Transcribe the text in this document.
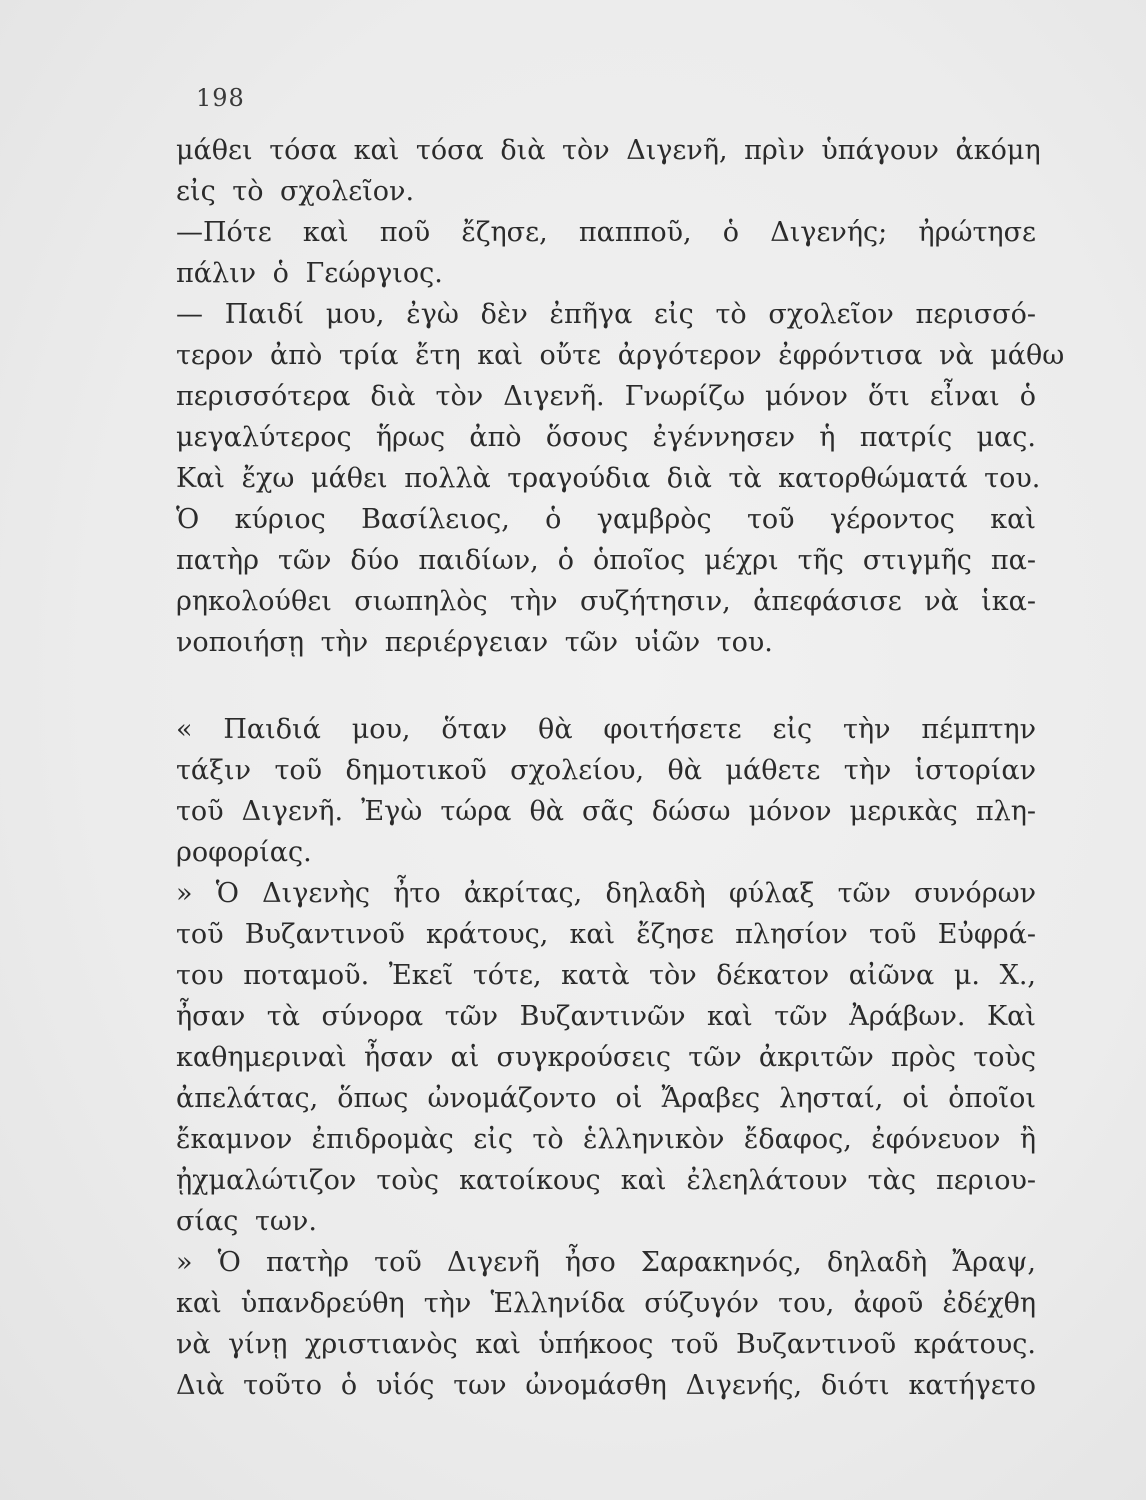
198
μάθει τόσα καὶ τόσα διὰ τὸν Διγενῆ, πρὶν ὑπάγουν ἀκόμη
εἰς τὸ σχολεῖον.
—Πότε καὶ ποῦ ἔζησε, παπποῦ, ὁ Διγενής; ἠρώτησε
πάλιν ὁ Γεώργιος.
— Παιδί μου, ἐγὼ δὲν ἐπῆγα εἰς τὸ σχολεῖον περισσό-
τερον ἀπὸ τρία ἔτη καὶ οὔτε ἀργότερον ἐφρόντισα νὰ μάθω
περισσότερα διὰ τὸν Διγενῆ. Γνωρίζω μόνον ὅτι εἶναι ὁ
μεγαλύτερος ἥρως ἀπὸ ὅσους ἐγέννησεν ἡ πατρίς μας.
Καὶ ἔχω μάθει πολλὰ τραγούδια διὰ τὰ κατορθώματά του.
Ὁ κύριος Βασίλειος, ὁ γαμβρὸς τοῦ γέροντος καὶ
πατὴρ τῶν δύο παιδίων, ὁ ὁποῖος μέχρι τῆς στιγμῆς πα-
ρηκολούθει σιωπηλὸς τὴν συζήτησιν, ἀπεφάσισε νὰ ἱκα-
νοποιήσῃ τὴν περιέργειαν τῶν υἱῶν του.
« Παιδιά μου, ὅταν θὰ φοιτήσετε εἰς τὴν πέμπτην
τάξιν τοῦ δημοτικοῦ σχολείου, θὰ μάθετε τὴν ἱστορίαν
τοῦ Διγενῆ. Ἐγὼ τώρα θὰ σᾶς δώσω μόνον μερικὰς πλη-
ροφορίας.
» Ὁ Διγενὴς ἦτο ἀκρίτας, δηλαδὴ φύλαξ τῶν συνόρων
τοῦ Βυζαντινοῦ κράτους, καὶ ἔζησε πλησίον τοῦ Εὐφρά-
του ποταμοῦ. Ἐκεῖ τότε, κατὰ τὸν δέκατον αἰῶνα μ. Χ.,
ἦσαν τὰ σύνορα τῶν Βυζαντινῶν καὶ τῶν Ἀράβων. Καὶ
καθημεριναὶ ἦσαν αἱ συγκρούσεις τῶν ἀκριτῶν πρὸς τοὺς
ἀπελάτας, ὅπως ὠνομάζοντο οἱ Ἄραβες λησταί, οἱ ὁποῖοι
ἔκαμνον ἐπιδρομὰς εἰς τὸ ἑλληνικὸν ἔδαφος, ἐφόνευον ἢ
ᾐχμαλώτιζον τοὺς κατοίκους καὶ ἐλεηλάτουν τὰς περιου-
σίας των.
» Ὁ πατὴρ τοῦ Διγενῆ ἦσο Σαρακηνός, δηλαδὴ Ἄραψ,
καὶ ὑπανδρεύθη τὴν Ἑλληνίδα σύζυγόν του, ἀφοῦ ἐδέχθη
νὰ γίνῃ χριστιανὸς καὶ ὑπήκοος τοῦ Βυζαντινοῦ κράτους.
Διὰ τοῦτο ὁ υἱός των ὠνομάσθη Διγενής, διότι κατήγετο
